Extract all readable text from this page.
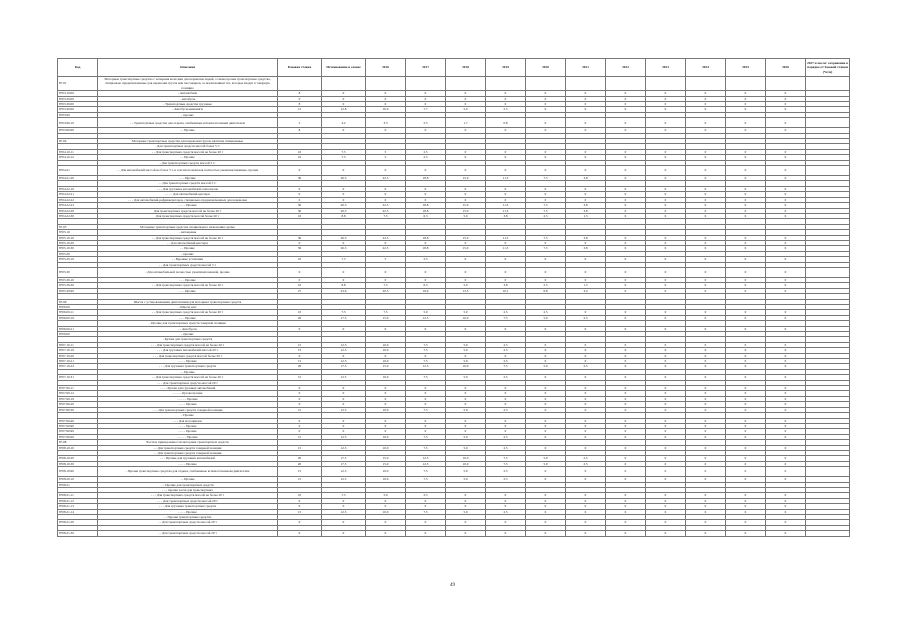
Код	Описание	Базовая ставка	Исчезновение в сезоне	2016	2017	2018	2019	2020	2021	2022	2023	2024	2025	2026	2027 и после: сохранение в порядке от базовой ставки (*отм)
87.01	Моторные транспортные средства с четырьмя колесами для перевозки людей, а также прочие транспортные средства, специально предназначенные для перевозки грузов или пассажиров, за исключением тех, которые входят в товарную позицию														
8703.10.00	- Автомобили	8	0	0	0	0	0	0	0	0	0	0	0	0	
8703.20.00	- Автобусы	0	0	0	0	0	0	0	0	0	0	0	0	0	
8703.30.00	- Транспортные средства грузовые	8	0	0	0	0	0	0	0	0	0	0	0	0	
8703.40.00	- Автобусы-кемпинги	15	12.8	10.0	7.7	5.0	2.5	0	0	0	0	0	0	0	
8703.90	- прочие:														
8703.90.10	- - Транспортные средства для отдыха, снабженные вспомогательным двигателем	5	4.2	3.3	2.5	1.7	0.8	0	0	0	0	0	0	0	
8703.90.90	- - Прочие	8	0	0	0	0	0	0	0	0	0	0	0	0	

87.04	Моторные транспортные средства для перевозки грузов, включая специальные														
	- Для транспортных средств массой более 5 т:														
8704.10.11	- - Для транспортных средств массой не более 20 т	10	7.5	5	2.5	0	0	0	0	0	0	0	0	0	
8704.10.12	- - Прочие	10	7.5	5	2.5	0	0	0	0	0	0	0	0	0	
	- Для транспортных средств массой 5 т:														
8704.21	- - Для автомобилей массой не более 5 т, в том числе включая полностью укомплектованные, прочие	0	0	0	0	0	0	0	0	0	0	0	0	0	
8704.21.20	- - - Прочие	30	26.3	22.5	18.8	15.0	11.3	7.5	3.8	0	0	0	0	0	
	- - Для транспортных средств массой 5 т:														
8704.22.10	- - - Для грузовых автомобилей-самосвалов	0	0	0	0	0	0	0	0	0	0	0	0	0	
8704.22.21	- - - - Для автомобилей-цистерн	0	0	0	0	0	0	0	0	0	0	0	0	0	
8704.22.22	- - - Для автомобилей-рефрижераторов, специально предназначенных для перевозки	0	0	0	0	0	0	0	0	0	0	0	0	0	
8704.22.23	- - - - Прочие	30	26.3	22.5	18.8	15.0	11.3	7.5	3.8	0	0	0	0	0	
8704.22.29	Для транспортных средств массой не более 20 т	30	26.3	22.5	18.8	15.0	11.3	7.5	3.8	0	0	0	0	0	
8704.22.30	Для транспортных средств массой более 20 т	10	8.8	7.5	6.3	5.0	3.8	2.5	1.3	0	0	0	0	0	

87.05	Моторные транспортные средства специального назначения, кроме														
8705.10	- Автокраны														
8705.10.10	- - Для транспортных средств массой не более 20 т	30	26.3	22.5	18.8	15.0	11.3	7.5	3.8	0	0	0	0	0	
8705.10.20	- - Для автомобилей-цистерн	0	0	0	0	0	0	0	0	0	0	0	0	0	
8705.10.30	- - Прочие	30	26.3	22.5	18.8	15.0	11.3	7.5	3.8	0	0	0	0	0	
8705.20	- прочие:														
8705.20.10	- - Буровые установки	10	7.5	5	2.5	0	0	0	0	0	0	0	0	0	
	- - Для транспортных средств массой 5 т														
8705.30	- Для автомобильной полностью укомплектованной, прочие	0	0	0	0	0	0	0	0	0	0	0	0	0	
8705.30.10	- - - Прочие	0	0	0	0	0	0	0	0	0	0	0	0	0	
8705.30.20	- - Для транспортных средств массой не более 20 т	10	8.8	7.5	6.3	5.0	3.8	2.5	1.3	0	0	0	0	0	
8705.30.90	- - - Прочие	27	23.6	20.3	16.9	13.5	10.1	6.8	3.4	0	0	0	0	0	

87.06	Шасси с установленными двигателями для моторных транспортных средств														
8706.00	- Шасси для:														
8706.00.11	- - Для транспортных средств массой не более 20 т	10	7.5	7.5	5.0	5.0	2.5	2.5	0	0	0	0	0	0	
8706.00.19	- - - Прочие	20	17.5	15.0	12.5	10.0	7.5	5.0	2.5	0	0	0	0	0	
	- Прочие для транспортных средств товарной позиции														
8706.00.21	- - Автобусов	0	0	0	0	0	0	0	0	0	0	0	0	0	
8706.00	- прочие:														
	- Кузова для транспортных средств														
8707.10.11	- - - Для транспортных средств массой не более 20 т	15	12.5	10.0	7.5	5.0	2.5	0	0	0	0	0	0	0	
8707.10.19	- - - Для грузовых автомобилей массой 20 т	15	12.5	10.0	7.5	5.0	2.5	0	0	0	0	0	0	0	
8707.10.20	- - - Для транспортных средств массой более 20 т	0	0	0	0	0	0	0	0	0	0	0	0	0	
8707.10.21	- - - - Прочие	15	12.5	10.0	7.5	5.0	2.5	0	0	0	0	0	0	0	
8707.10.22	- - - Для грузовых транспортных средств	20	17.5	15.0	12.5	10.0	7.5	5.0	2.5	0	0	0	0	0	
	- - Прочие														
8707.10.31	- - Для транспортных средств массой не более 20 т	15	12.5	10.0	7.5	5.0	2.5	0	0	0	0	0	0	0	
	- - - Для транспортных средств массой 20 т														
8707.90.11	- - - - Кузова для грузовых автомобилей	0	0	0	0	0	0	0	0	0	0	0	0	0	
8707.90.12	- - - - - Кузова прочие	0	0	0	0	0	0	0	0	0	0	0	0	0	
8707.90.19	- - - - - Прочие	0	0	0	0	0	0	0	0	0	0	0	0	0	
8707.90.20	- - - - Прочие	0	0	0	0	0	0	0	0	0	0	0	0	0	
8707.90.30	- - - Для транспортных средств товарной позиции	15	12.5	10.0	7.5	5.0	2.5	0	0	0	0	0	0	0	
	- Прочие														
8707.90.40	- - - Для мотоциклов	0	0	0	0	0	0	0	0	0	0	0	0	0	
8707.90.90	- - - - Прочие	0	0	0	0	0	0	0	0	0	0	0	0	0	
8707.90.99	- - - - Прочие	0	0	0	0	0	0	0	0	0	0	0	0	0	
8707.90.00	- - - - - Прочие	15	12.5	10.0	7.5	5.0	2.5	0	0	0	0	0	0	0	
87.08	Части и принадлежности моторных транспортных средств														
8708.10.10	- - Для транспортных средств товарной позиции	15	12.5	10.0	7.5	5.0	2.5	0	0	0	0	0	0	0	
	- - Для транспортных средств товарной позиции														
8708.10.20	- - - Прочие для грузовых автомобилей	20	17.5	15.0	12.5	10.0	7.5	5.0	2.5	0	0	0	0	0	
8708.10.30	- - - - Прочие	20	17.5	15.0	12.5	10.0	7.5	5.0	2.5	0	0	0	0	0	
8708.10.90	- Прочие транспортные средства для отдыха, снабженные вспомогательным двигателем	15	12.5	10.0	7.5	5.0	2.5	0	0	0	0	0	0	0	
8708.20.10	- - Прочие	15	12.5	10.0	7.5	5.0	2.5	0	0	0	0	0	0	0	
8708.21	- - Прочие для транспортных средств														
	- - - прочие части для транспортных														
8708.21.11	- - - Для транспортных средств массой не более 20 т	10	7.5	5.0	2.5	0	0	0	0	0	0	0	0	0	
8708.21.12	- - - Для транспортных средств массой 20 т	0	0	0	0	0	0	0	0	0	0	0	0	0	
8708.21.13	- - - Для грузовых транспортных средств	0	0	0	0	0	0	0	0	0	0	0	0	0	
8708.21.14	- - - - Прочие	15	12.5	10.0	7.5	5.0	2.5	0	0	0	0	0	0	0	
	- - Прочие транспортные средства														
8708.21.20	- - Для транспортных средств массой 20 т	0	0	0	0	0	0	0	0	0	0	0	0	0	

8708.21.30	- - Для транспортных средств массой 20 т	0	0	0	0	0	0	0	0	0	0	0	0	0	
49
